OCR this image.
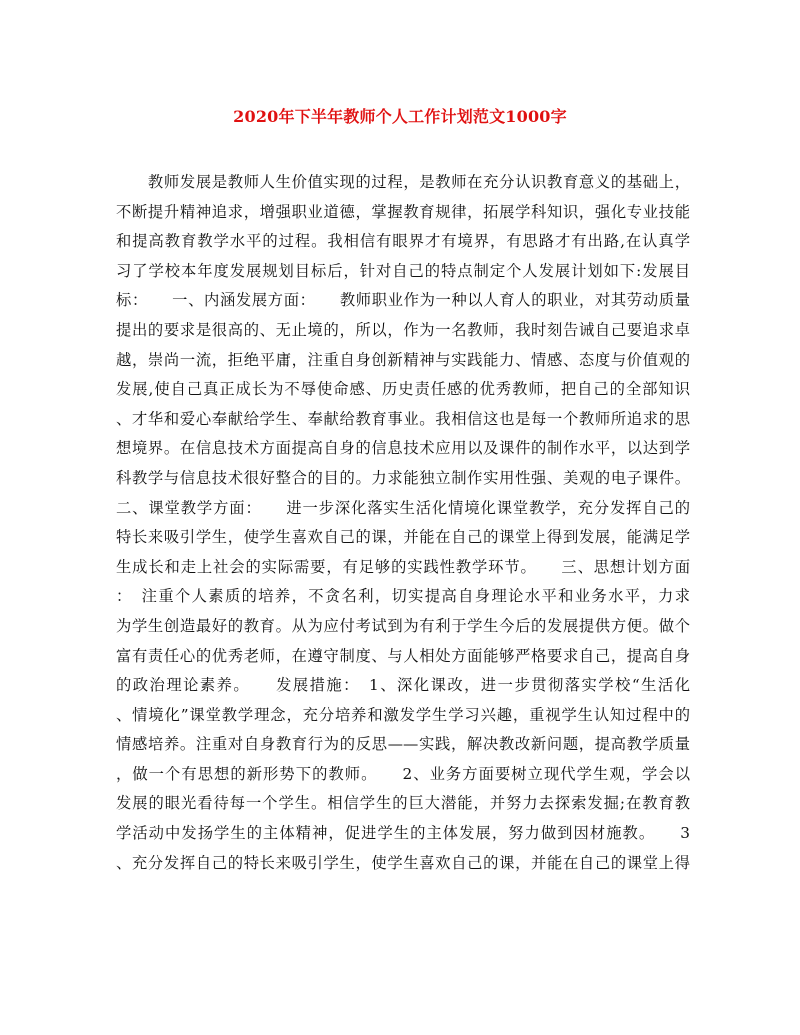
2020年下半年教师个人工作计划范文1000字
　　教师发展是教师人生价值实现的过程，是教师在充分认识教育意义的基础上，
不断提升精神追求，增强职业道德，掌握教育规律，拓展学科知识，强化专业技能
和提高教育教学水平的过程。我相信有眼界才有境界，有思路才有出路,在认真学
习了学校本年度发展规划目标后，针对自己的特点制定个人发展计划如下:发展目
标：　　一、内涵发展方面：　　教师职业作为一种以人育人的职业，对其劳动质量
提出的要求是很高的、无止境的，所以，作为一名教师，我时刻告诫自己要追求卓
越，崇尚一流，拒绝平庸，注重自身创新精神与实践能力、情感、态度与价值观的
发展,使自己真正成长为不辱使命感、历史责任感的优秀教师，把自己的全部知识
、才华和爱心奉献给学生、奉献给教育事业。我相信这也是每一个教师所追求的思
想境界。在信息技术方面提高自身的信息技术应用以及课件的制作水平，以达到学
科教学与信息技术很好整合的目的。力求能独立制作实用性强、美观的电子课件。
二、课堂教学方面：　　进一步深化落实生活化情境化课堂教学，充分发挥自己的
特长来吸引学生，使学生喜欢自己的课，并能在自己的课堂上得到发展，能满足学
生成长和走上社会的实际需要，有足够的实践性教学环节。　　三、思想计划方面
：　注重个人素质的培养，不贪名利，切实提高自身理论水平和业务水平，力求
为学生创造最好的教育。从为应付考试到为有利于学生今后的发展提供方便。做个
富有责任心的优秀老师，在遵守制度、与人相处方面能够严格要求自己，提高自身
的政治理论素养。　　发展措施：　1、深化课改，进一步贯彻落实学校“生活化
、情境化”课堂教学理念，充分培养和激发学生学习兴趣，重视学生认知过程中的
情感培养。注重对自身教育行为的反思——实践，解决教改新问题，提高教学质量
，做一个有思想的新形势下的教师。　　2、业务方面要树立现代学生观，学会以
发展的眼光看待每一个学生。相信学生的巨大潜能，并努力去探索发掘;在教育教
学活动中发扬学生的主体精神，促进学生的主体发展，努力做到因材施教。　　3
、充分发挥自己的特长来吸引学生，使学生喜欢自己的课，并能在自己的课堂上得
